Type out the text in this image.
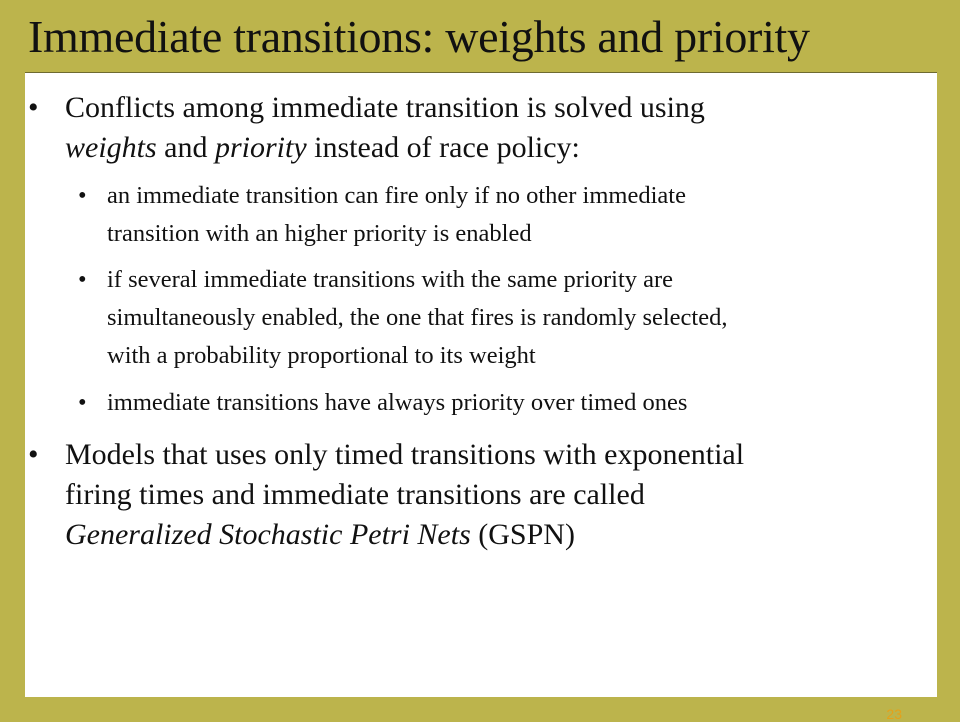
Immediate transitions: weights and priority
• Conflicts among immediate transition is solved using
weights and priority instead of race policy:
• an immediate transition can fire only if no other immediate
transition with an higher priority is enabled
• if several immediate transitions with the same priority are
simultaneously enabled, the one that fires is randomly selected,
with a probability proportional to its weight
• immediate transitions have always priority over timed ones
• Models that uses only timed transitions with exponential
firing times and immediate transitions are called
Generalized Stochastic Petri Nets (GSPN)
23
